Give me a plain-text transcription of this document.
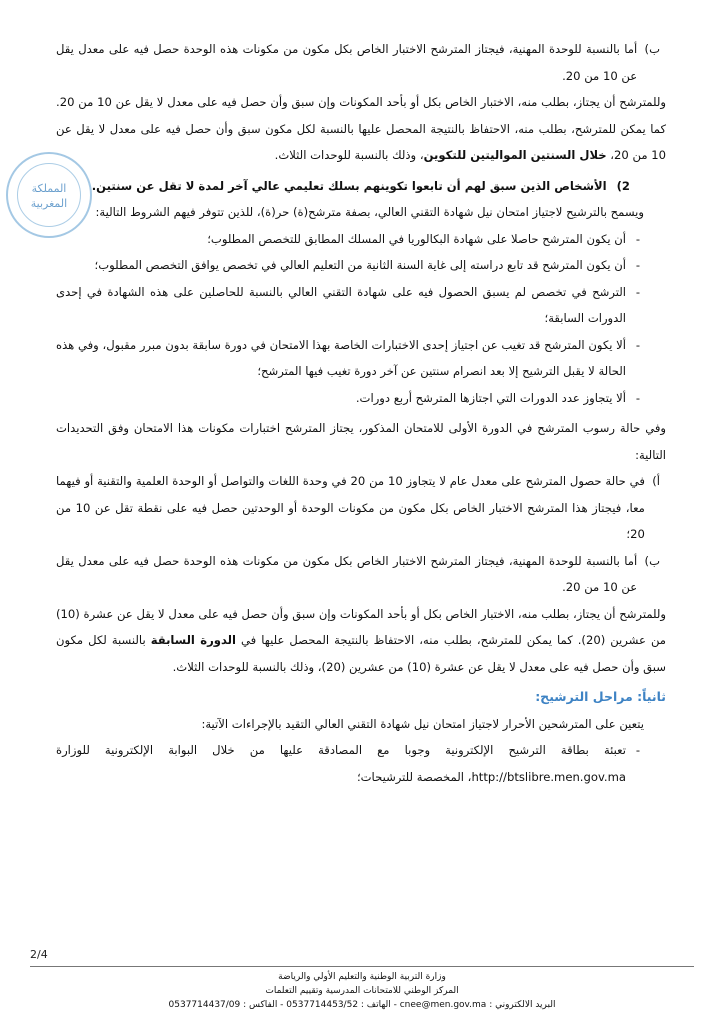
المملكة
المغربية

ب)
أما بالنسبة للوحدة المهنية، فيجتاز المترشح الاختبار الخاص بكل مكون من مكونات هذه الوحدة حصل فيه على معدل يقل عن 10 من 20.

وللمترشح أن يجتاز، بطلب منه، الاختبار الخاص بكل أو بأحد المكونات وإن سبق وأن حصل فيه على معدل لا يقل عن 10 من 20. كما يمكن للمترشح، بطلب منه، الاحتفاظ بالنتيجة المحصل عليها بالنسبة لكل مكون سبق وأن حصل فيه على معدل لا يقل عن 10 من 20، خلال السنتين المواليتين للتكوين، وذلك بالنسبة للوحدات الثلاث.

2)الأشخاص الذين سبق لهم أن تابعوا تكوينهم بسلك تعليمي عالي آخر لمدة لا تقل عن سنتين.

ويسمح بالترشيح لاجتياز امتحان نيل شهادة التقني العالي، بصفة مترشح(ة) حر(ة)، للذين تتوفر فيهم الشروط التالية:

-
أن يكون المترشح حاصلا على شهادة البكالوريا في المسلك المطابق للتخصص المطلوب؛

-
أن يكون المترشح قد تابع دراسته إلى غاية السنة الثانية من التعليم العالي في تخصص يوافق التخصص المطلوب؛

-
الترشح في تخصص لم يسبق الحصول فيه على شهادة التقني العالي بالنسبة للحاصلين على هذه الشهادة في إحدى الدورات السابقة؛

-
ألا يكون المترشح قد تغيب عن اجتياز إحدى الاختبارات الخاصة بهذا الامتحان في دورة سابقة بدون مبرر مقبول، وفي هذه الحالة لا يقبل الترشيح إلا بعد انصرام سنتين عن آخر دورة تغيب فيها المترشح؛

-
ألا يتجاوز عدد الدورات التي اجتازها المترشح أربع دورات.

وفي حالة رسوب المترشح في الدورة الأولى للامتحان المذكور، يجتاز المترشح اختبارات مكونات هذا الامتحان وفق التحديدات التالية:

أ)
في حالة حصول المترشح على معدل عام لا يتجاوز 10 من 20 في وحدة اللغات والتواصل أو الوحدة العلمية والتقنية أو فيهما معا، فيجتاز هذا المترشح الاختبار الخاص بكل مكون من مكونات الوحدة أو الوحدتين حصل فيه على نقطة تقل عن 10 من 20؛

ب)
أما بالنسبة للوحدة المهنية، فيجتاز المترشح الاختبار الخاص بكل مكون من مكونات هذه الوحدة حصل فيه على معدل يقل عن 10 من 20.

وللمترشح أن يجتاز، بطلب منه، الاختبار الخاص بكل أو بأحد المكونات وإن سبق وأن حصل فيه على معدل لا يقل عن عشرة (10) من عشرين (20). كما يمكن للمترشح، بطلب منه، الاحتفاظ بالنتيجة المحصل عليها في الدورة السابقة بالنسبة لكل مكون سبق وأن حصل فيه على معدل لا يقل عن عشرة (10) من عشرين (20)، وذلك بالنسبة للوحدات الثلاث.

ثانياً: مراحل الترشيح:

يتعين على المترشحين الأحرار لاجتياز امتحان نيل شهادة التقني العالي التقيد بالإجراءات الآتية:

-
تعبئة بطاقة الترشيح الإلكترونية وجوبا مع المصادقة عليها من خلال البوابة الإلكترونية للوزارة http://btslibre.men.gov.ma، المخصصة للترشيحات؛

2/4
وزارة التربية الوطنية والتعليم الأولي والرياضة
المركز الوطني للامتحانات المدرسية وتقييم التعلمات
البريد الالكتروني : cnee@men.gov.ma - الهاتف : 0537714453/52 - الفاكس : 0537714437/09
